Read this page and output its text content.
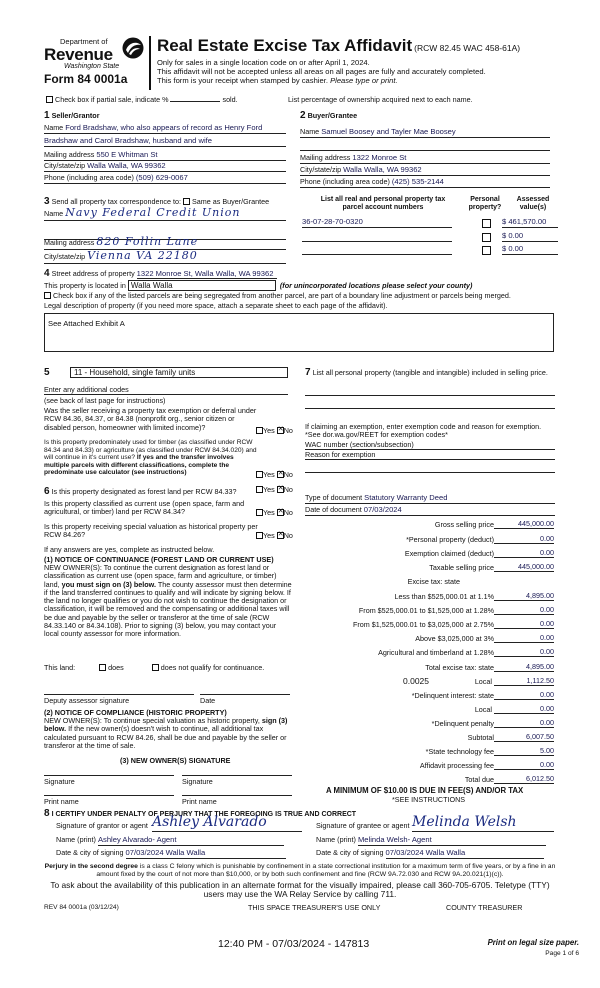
Department of
Revenue
Washington State
Form 84 0001a
Real Estate Excise Tax Affidavit (RCW 82.45 WAC 458-61A)
Only for sales in a single location code on or after April 1, 2024.
This affidavit will not be accepted unless all areas on all pages are fully and accurately completed.
This form is your receipt when stamped by cashier. Please type or print.
Check box if partial sale, indicate %	sold.	List percentage of ownership acquired next to each name.
1 Seller/Grantor
Name Ford Bradshaw, who also appears of record as Henry Ford
Bradshaw and Carol Bradshaw, husband and wife
Mailing address 550 E Whitman St
City/state/zip Walla Walla, WA 99362
Phone (including area code) (509) 629-0067
2 Buyer/Grantee
Name Samuel Boosey and Tayler Mae Boosey
Mailing address 1322 Monroe St
City/state/zip Walla Walla, WA 99362
Phone (including area code) (425) 535-2144
3 Send all property tax correspondence to: Same as Buyer/Grantee
Name Navy Federal Credit Union
Mailing address 820 Follin Lane
City/state/zip Vienna VA 22180
List all real and personal property tax
parcel account numbers
Personal
property?
Assessed
value(s)
36-07-28-70-0320	$ 461,570.00
$ 0.00
$ 0.00
4 Street address of property 1322 Monroe St, Walla Walla, WA 99362
This property is located in Walla Walla	(for unincorporated locations please select your county)
Check box if any of the listed parcels are being segregated from another parcel, are part of a boundary line adjustment or parcels being merged.
Legal description of property (if you need more space, attach a separate sheet to each page of the affidavit).
See Attached Exhibit A
5	11 - Household, single family units
Enter any additional codes
(see back of last page for instructions)
Was the seller receiving a property tax exemption or deferral under RCW 84.36, 84.37, or 84.38 (nonprofit org., senior citizen or disabled person, homeowner with limited income)?	Yes ✕ No
Is this property predominately used for timber (as classified under RCW 84.34 and 84.33) or agriculture (as classified under RCW 84.34.020) and will continue in it's current use? If yes and the transfer involves multiple parcels with different classifications, complete the predominate use calculator (see instructions)	Yes ✕ No
6 Is this property designated as forest land per RCW 84.33?	Yes ✕ No
Is this property classified as current use (open space, farm and agricultural, or timber) land per RCW 84.34?	Yes ✕ No
Is this property receiving special valuation as historical property per RCW 84.26?	Yes ✕ No
If any answers are yes, complete as instructed below.
(1) NOTICE OF CONTINUANCE (FOREST LAND OR CURRENT USE)
NEW OWNER(S): To continue the current designation as forest land or classification as current use (open space, farm and agriculture, or timber) land, you must sign on (3) below. The county assessor must then determine if the land transferred continues to qualify and will indicate by signing below. If the land no longer qualifies or you do not wish to continue the designation or classification, it will be removed and the compensating or additional taxes will be due and payable by the seller or transferor at the time of sale (RCW 84.33.140 or 84.34.108). Prior to signing (3) below, you may contact your local county assessor for more information.
This land:	does	does not qualify for continuance.
Deputy assessor signature	Date
(2) NOTICE OF COMPLIANCE (HISTORIC PROPERTY)
NEW OWNER(S): To continue special valuation as historic property, sign (3) below. If the new owner(s) doesn't wish to continue, all additional tax calculated pursuant to RCW 84.26, shall be due and payable by the seller or transferor at the time of sale.
(3) NEW OWNER(S) SIGNATURE
Signature	Signature
Print name	Print name
7 List all personal property (tangible and intangible) included in selling price.
If claiming an exemption, enter exemption code and reason for exemption. *See dor.wa.gov/REET for exemption codes*
WAC number (section/subsection)
Reason for exemption
Type of document Statutory Warranty Deed
Date of document 07/03/2024
Gross selling price	445,000.00
*Personal property (deduct)	0.00
Exemption claimed (deduct)	0.00
Taxable selling price	445,000.00
Excise tax: state
Less than $525,000.01 at 1.1%	4,895.00
From $525,000.01 to $1,525,000 at 1.28%	0.00
From $1,525,000.01 to $3,025,000 at 2.75%	0.00
Above $3,025,000 at 3%	0.00
Agricultural and timberland at 1.28%	0.00
Total excise tax: state	4,895.00
0.0025	Local	1,112.50
*Delinquent interest: state	0.00
Local	0.00
*Delinquent penalty	0.00
Subtotal	6,007.50
*State technology fee	5.00
Affidavit processing fee	0.00
Total due	6,012.50
A MINIMUM OF $10.00 IS DUE IN FEE(S) AND/OR TAX
*SEE INSTRUCTIONS
8 I CERTIFY UNDER PENALTY OF PERJURY THAT THE FOREGOING IS TRUE AND CORRECT
Signature of grantor or agent Ashley Alvarado
Name (print) Ashley Alvarado- Agent
Date & city of signing 07/03/2024 Walla Walla
Signature of grantee or agent Melinda Welsh
Name (print) Melinda Welsh- Agent
Date & city of signing 07/03/2024 Walla Walla
Perjury in the second degree is a class C felony which is punishable by confinement in a state correctional institution for a maximum term of five years, or by a fine in an amount fixed by the court of not more than $10,000, or by both such confinement and fine (RCW 9A.72.030 and RCW 9A.20.021(1)(c)).
To ask about the availability of this publication in an alternate format for the visually impaired, please call 360-705-6705. Teletype (TTY) users may use the WA Relay Service by calling 711.
REV 84 0001a (03/12/24)	THIS SPACE TREASURER'S USE ONLY	COUNTY TREASURER
12:40 PM - 07/03/2024 - 147813	Print on legal size paper.
Page 1 of 6
